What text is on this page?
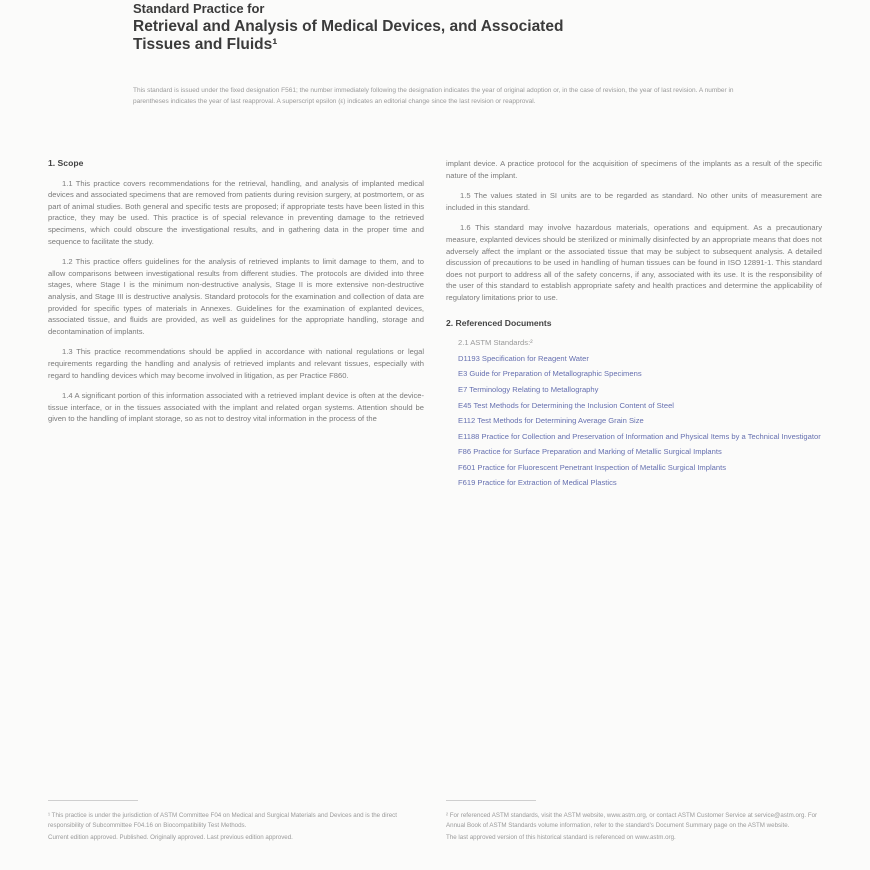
Standard Practice for
Retrieval and Analysis of Medical Devices, and Associated
Tissues and Fluids¹
This standard is issued under the fixed designation F561; the number immediately following the designation indicates the year of original adoption or, in the case of revision, the year of last revision. A number in parentheses indicates the year of last reapproval. A superscript epsilon (ε) indicates an editorial change since the last revision or reapproval.
1. Scope

1.1 This practice covers recommendations for the retrieval, handling, and analysis of implanted medical devices and associated specimens that are removed from patients during revision surgery, at postmortem, or as part of animal studies. Both general and specific tests are proposed; if appropriate tests have been listed in this practice, they may be used. This practice is of special relevance in preventing damage to the retrieved specimens, which could obscure the investigational results, and in gathering data in the proper time and sequence to facilitate the study.

1.2 This practice offers guidelines for the analysis of retrieved implants to limit damage to them, and to allow comparisons between investigational results from different studies. The protocols are divided into three stages, where Stage I is the minimum non-destructive analysis, Stage II is more extensive non-destructive analysis, and Stage III is destructive analysis. Standard protocols for the examination and collection of data are provided for specific types of materials in Annexes. Guidelines for the examination of explanted devices, associated tissue, and fluids are provided, as well as guidelines for the appropriate handling, storage and decontamination of implants.

1.3 This practice recommendations should be applied in accordance with national regulations or legal requirements regarding the handling and analysis of retrieved implants and relevant tissues, especially with regard to handling devices which may become involved in litigation, as per Practice F860.

1.4 A significant portion of this information associated with a retrieved implant device is often at the device-tissue interface, or in the tissues associated with the implant and related organ systems. Attention should be given to the handling of implant storage, so as not to destroy vital information in the process of the

implant device. A practice protocol for the acquisition of specimens of the implants as a result of the specific nature of the implant.

1.5 The values stated in SI units are to be regarded as standard. No other units of measurement are included in this standard.

1.6 This standard may involve hazardous materials, operations and equipment. As a precautionary measure, explanted devices should be sterilized or minimally disinfected by an appropriate means that does not adversely affect the implant or the associated tissue that may be subject to subsequent analysis. A detailed discussion of precautions to be used in handling of human tissues can be found in ISO 12891-1. This standard does not purport to address all of the safety concerns, if any, associated with its use. It is the responsibility of the user of this standard to establish appropriate safety and health practices and determine the applicability of regulatory limitations prior to use.

2. Referenced Documents
2.1 ASTM Standards:²
D1193 Specification for Reagent Water
E3 Guide for Preparation of Metallographic Specimens
E7 Terminology Relating to Metallography
E45 Test Methods for Determining the Inclusion Content of Steel
E112 Test Methods for Determining Average Grain Size
E1188 Practice for Collection and Preservation of Information and Physical Items by a Technical Investigator
F86 Practice for Surface Preparation and Marking of Metallic Surgical Implants
F601 Practice for Fluorescent Penetrant Inspection of Metallic Surgical Implants
F619 Practice for Extraction of Medical Plastics
¹ This practice is under the jurisdiction of ASTM Committee F04 on Medical and Surgical Materials and Devices and is the direct responsibility of Subcommittee F04.16 on Biocompatibility Test Methods.
Current edition approved. Published. Originally approved. Last previous edition approved.
² For referenced ASTM standards, visit the ASTM website, www.astm.org, or contact ASTM Customer Service at service@astm.org. For Annual Book of ASTM Standards volume information, refer to the standard's Document Summary page on the ASTM website.
The last approved version of this historical standard is referenced on www.astm.org.
